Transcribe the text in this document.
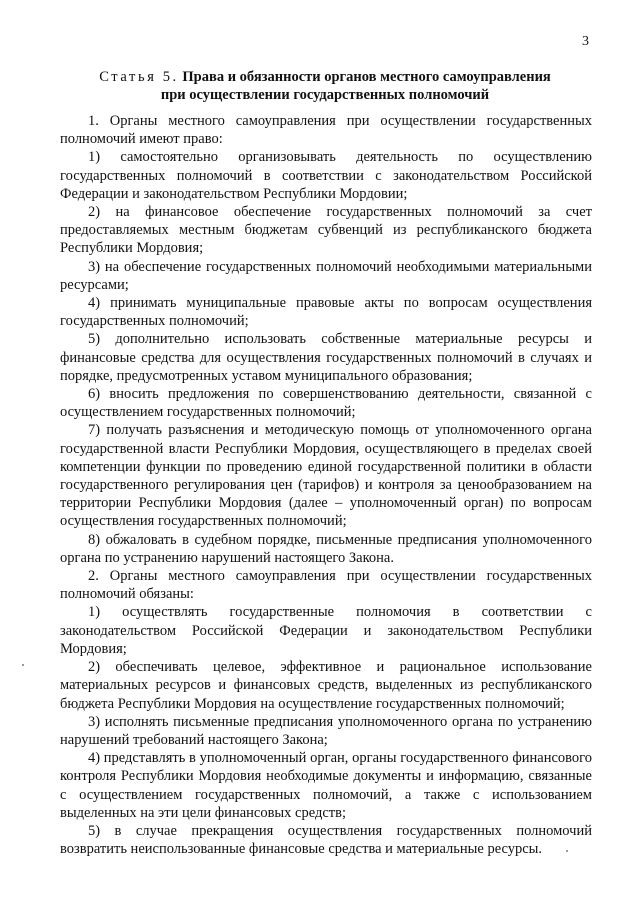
3
Статья 5. Права и обязанности органов местного самоуправления
при осуществлении государственных полномочий

1. Органы местного самоуправления при осуществлении государственных полномочий имеют право:

1) самостоятельно организовывать деятельность по осуществлению государственных полномочий в соответствии с законодательством Российской Федерации и законодательством Республики Мордовии;

2) на финансовое обеспечение государственных полномочий за счет предоставляемых местным бюджетам субвенций из республиканского бюджета Республики Мордовия;

3) на обеспечение государственных полномочий необходимыми материальными ресурсами;

4) принимать муниципальные правовые акты по вопросам осуществления государственных полномочий;

5) дополнительно использовать собственные материальные ресурсы и финансовые средства для осуществления государственных полномочий в случаях и порядке, предусмотренных уставом муниципального образования;

6) вносить предложения по совершенствованию деятельности, связанной с осуществлением государственных полномочий;

7) получать разъяснения и методическую помощь от уполномоченного органа государственной власти Республики Мордовия, осуществляющего в пределах своей компетенции функции по проведению единой государственной политики в области государственного регулирования цен (тарифов) и контроля за ценообразованием на территории Республики Мордовия (далее – уполномоченный орган) по вопросам осуществления государственных полномочий;

8) обжаловать в судебном порядке, письменные предписания уполномоченного органа по устранению нарушений настоящего Закона.

2. Органы местного самоуправления при осуществлении государственных полномочий обязаны:

1) осуществлять государственные полномочия в соответствии с законодательством Российской Федерации и законодательством Республики Мордовия;

2) обеспечивать целевое, эффективное и рациональное использование материальных ресурсов и финансовых средств, выделенных из республиканского бюджета Республики Мордовия на осуществление государственных полномочий;

3) исполнять письменные предписания уполномоченного органа по устранению нарушений требований настоящего Закона;

4) представлять в уполномоченный орган, органы государственного финансового контроля Республики Мордовия необходимые документы и информацию, связанные с осуществлением государственных полномочий, а также с использованием выделенных на эти цели финансовых средств;

5) в случае прекращения осуществления государственных полномочий возвратить неиспользованные финансовые средства и материальные ресурсы.
